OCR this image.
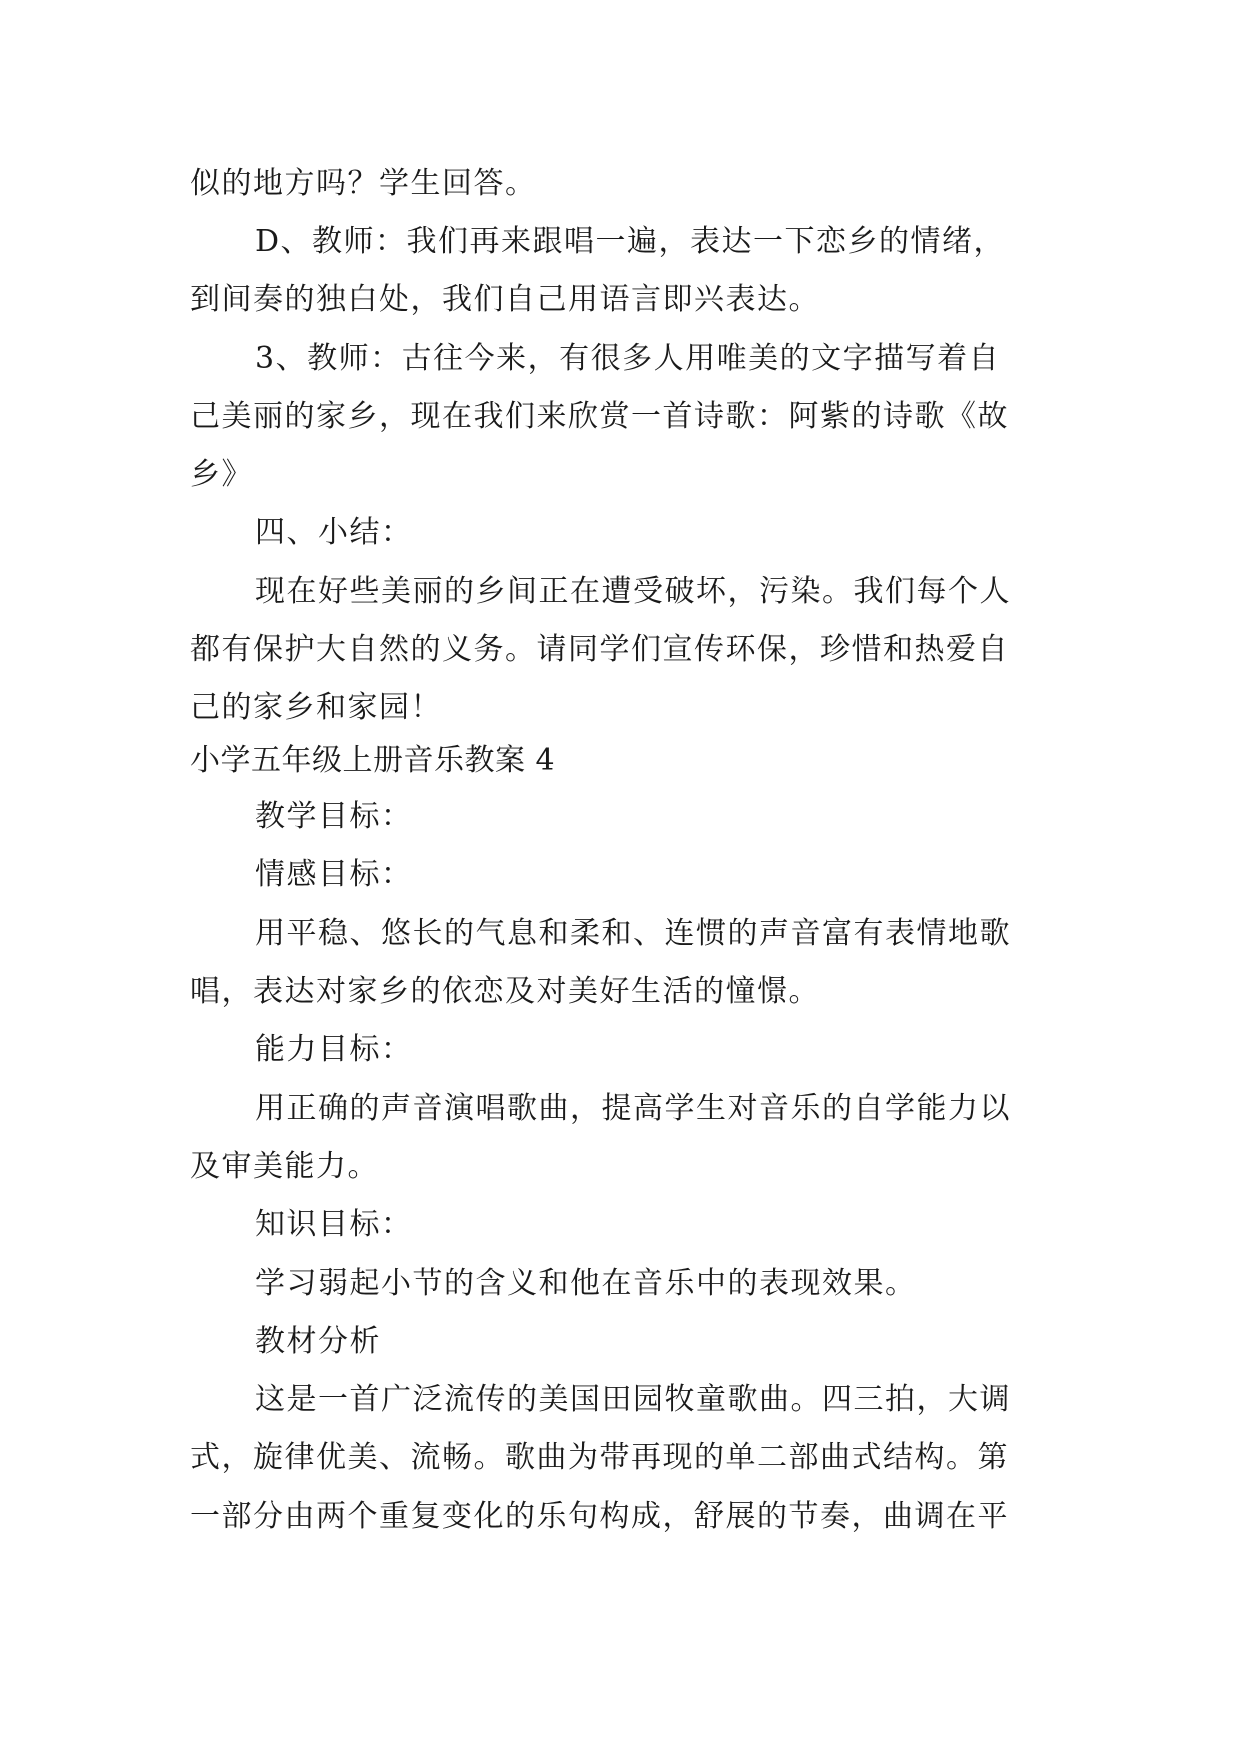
似的地方吗？学生回答。
D、教师：我们再来跟唱一遍，表达一下恋乡的情绪，
到间奏的独白处，我们自己用语言即兴表达。
3、教师：古往今来，有很多人用唯美的文字描写着自
己美丽的家乡，现在我们来欣赏一首诗歌：阿紫的诗歌《故
乡》
四、小结：
现在好些美丽的乡间正在遭受破坏，污染。我们每个人
都有保护大自然的义务。请同学们宣传环保，珍惜和热爱自
己的家乡和家园！
小学五年级上册音乐教案 4
教学目标：
情感目标：
用平稳、悠长的气息和柔和、连惯的声音富有表情地歌
唱，表达对家乡的依恋及对美好生活的憧憬。
能力目标：
用正确的声音演唱歌曲，提高学生对音乐的自学能力以
及审美能力。
知识目标：
学习弱起小节的含义和他在音乐中的表现效果。
教材分析
这是一首广泛流传的美国田园牧童歌曲。四三拍，大调
式，旋律优美、流畅。歌曲为带再现的单二部曲式结构。第
一部分由两个重复变化的乐句构成，舒展的节奏，曲调在平
